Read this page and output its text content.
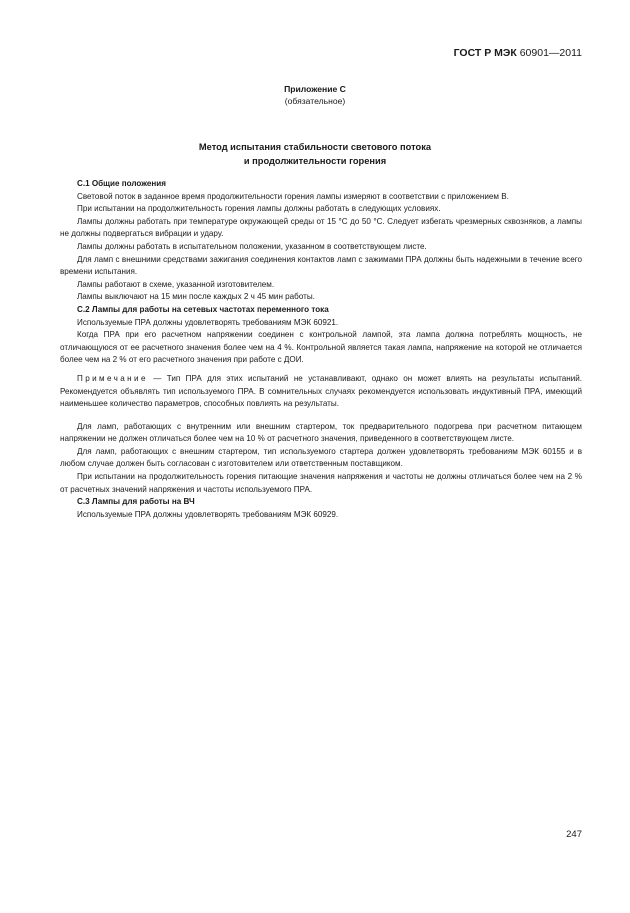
ГОСТ Р МЭК 60901—2011
Приложение С
(обязательное)
Метод испытания стабильности светового потока
и продолжительности горения

С.1 Общие положения

Световой поток в заданное время продолжительности горения лампы измеряют в соответствии с приложением В.

При испытании на продолжительность горения лампы должны работать в следующих условиях.

Лампы должны работать при температуре окружающей среды от 15 °С до 50 °С. Следует избегать чрезмерных сквозняков, а лампы не должны подвергаться вибрации и удару.

Лампы должны работать в испытательном положении, указанном в соответствующем листе.

Для ламп с внешними средствами зажигания соединения контактов ламп с зажимами ПРА должны быть надежными в течение всего времени испытания.

Лампы работают в схеме, указанной изготовителем.

Лампы выключают на 15 мин после каждых 2 ч 45 мин работы.

С.2 Лампы для работы на сетевых частотах переменного тока

Используемые ПРА должны удовлетворять требованиям МЭК 60921.

Когда ПРА при его расчетном напряжении соединен с контрольной лампой, эта лампа должна потреблять мощность, не отличающуюся от ее расчетного значения более чем на 4 %. Контрольной является такая лампа, напряжение на которой не отличается более чем на 2 % от его расчетного значения при работе с ДОИ.

Примечание — Тип ПРА для этих испытаний не устанавливают, однако он может влиять на результаты испытаний. Рекомендуется объявлять тип используемого ПРА. В сомнительных случаях рекомендуется использовать индуктивный ПРА, имеющий наименьшее количество параметров, способных повлиять на результаты.

Для ламп, работающих с внутренним или внешним стартером, ток предварительного подогрева при расчетном питающем напряжении не должен отличаться более чем на 10 % от расчетного значения, приведенного в соответствующем листе.

Для ламп, работающих с внешним стартером, тип используемого стартера должен удовлетворять требованиям МЭК 60155 и в любом случае должен быть согласован с изготовителем или ответственным поставщиком.

При испытании на продолжительность горения питающие значения напряжения и частоты не должны отличаться более чем на 2 % от расчетных значений напряжения и частоты используемого ПРА.

С.3 Лампы для работы на ВЧ

Используемые ПРА должны удовлетворять требованиям МЭК 60929.

247
